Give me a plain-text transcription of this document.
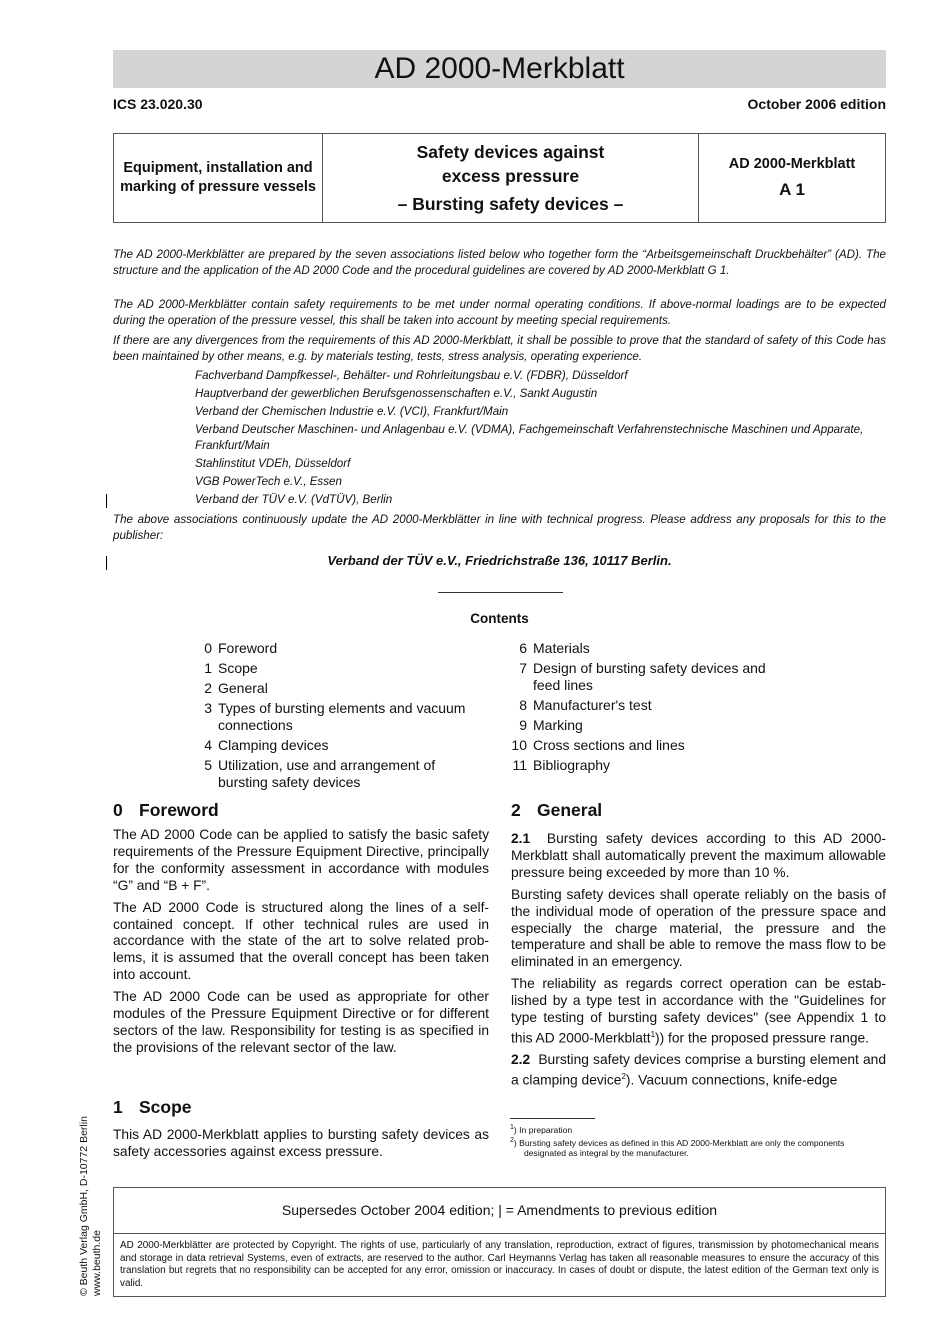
AD 2000-Merkblatt
ICS 23.020.30	October 2006 edition
Equipment, installation and marking of pressure vessels
Safety devices against excess pressure
– Bursting safety devices –
AD 2000-Merkblatt
A 1
The AD 2000-Merkblätter are prepared by the seven associations listed below who together form the “Arbeitsgemeinschaft Druckbehälter” (AD). The structure and the application of the AD 2000 Code and the procedural guidelines are covered by AD 2000-Merkblatt G 1.
The AD 2000-Merkblätter contain safety requirements to be met under normal operating conditions. If above-normal loadings are to be expected during the operation of the pressure vessel, this shall be taken into account by meeting special requirements.
If there are any divergences from the requirements of this AD 2000-Merkblatt, it shall be possible to prove that the standard of safety of this Code has been maintained by other means, e.g. by materials testing, tests, stress analysis, operating experience.
Fachverband Dampfkessel-, Behälter- und Rohrleitungsbau e.V. (FDBR), Düsseldorf
Hauptverband der gewerblichen Berufsgenossenschaften e.V., Sankt Augustin
Verband der Chemischen Industrie e.V. (VCI), Frankfurt/Main
Verband Deutscher Maschinen- und Anlagenbau e.V. (VDMA), Fachgemeinschaft Verfahrenstechnische Maschinen und Apparate, Frankfurt/Main
Stahlinstitut VDEh, Düsseldorf
VGB PowerTech e.V., Essen
Verband der TÜV e.V. (VdTÜV), Berlin
The above associations continuously update the AD 2000-Merkblätter in line with technical progress. Please address any proposals for this to the publisher:
Verband der TÜV e.V., Friedrichstraße 136, 10117 Berlin.
Contents
0 Foreword
1 Scope
2 General
3 Types of bursting elements and vacuum connections
4 Clamping devices
5 Utilization, use and arrangement of bursting safety devices
6 Materials
7 Design of bursting safety devices and feed lines
8 Manufacturer's test
9 Marking
10 Cross sections and lines
11 Bibliography
0 Foreword

The AD 2000 Code can be applied to satisfy the basic safety requirements of the Pressure Equipment Directive, principally for the conformity assessment in accordance with modules “G” and “B + F”.

The AD 2000 Code is structured along the lines of a self-contained concept. If other technical rules are used in accordance with the state of the art to solve related problems, it is assumed that the overall concept has been taken into account.

The AD 2000 Code can be used as appropriate for other modules of the Pressure Equipment Directive or for different sectors of the law. Responsibility for testing is as specified in the provisions of the relevant sector of the law.

1 Scope

This AD 2000-Merkblatt applies to bursting safety devices as safety accessories against excess pressure.

2 General

2.1 Bursting safety devices according to this AD 2000-Merkblatt shall automatically prevent the maximum allowable pressure being exceeded by more than 10 %.

Bursting safety devices shall operate reliably on the basis of the individual mode of operation of the pressure space and especially the charge material, the pressure and the temperature and shall be able to remove the mass flow to be eliminated in an emergency.

The reliability as regards correct operation can be established by a type test in accordance with the "Guidelines for type testing of bursting safety devices" (see Appendix 1 to this AD 2000-Merkblatt$^1$)) for the proposed pressure range.

2.2 Bursting safety devices comprise a bursting element and a clamping device$^2$). Vacuum connections, knife-edge

$^1$) In preparation
$^2$) Bursting safety devices as defined in this AD 2000-Merkblatt are only the components designated as integral by the manufacturer.
© Beuth Verlag GmbH, D-10772 Berlin www.beuth.de
Supersedes October 2004 edition; | = Amendments to previous edition
AD 2000-Merkblätter are protected by Copyright. The rights of use, particularly of any translation, reproduction, extract of figures, transmission by photomechanical means and storage in data retrieval Systems, even of extracts, are reserved to the author. Carl Heymanns Verlag has taken all reasonable measures to ensure the accuracy of this translation but regrets that no responsibility can be accepted for any error, omission or inaccuracy. In cases of doubt or dispute, the latest edition of the German text only is valid.
